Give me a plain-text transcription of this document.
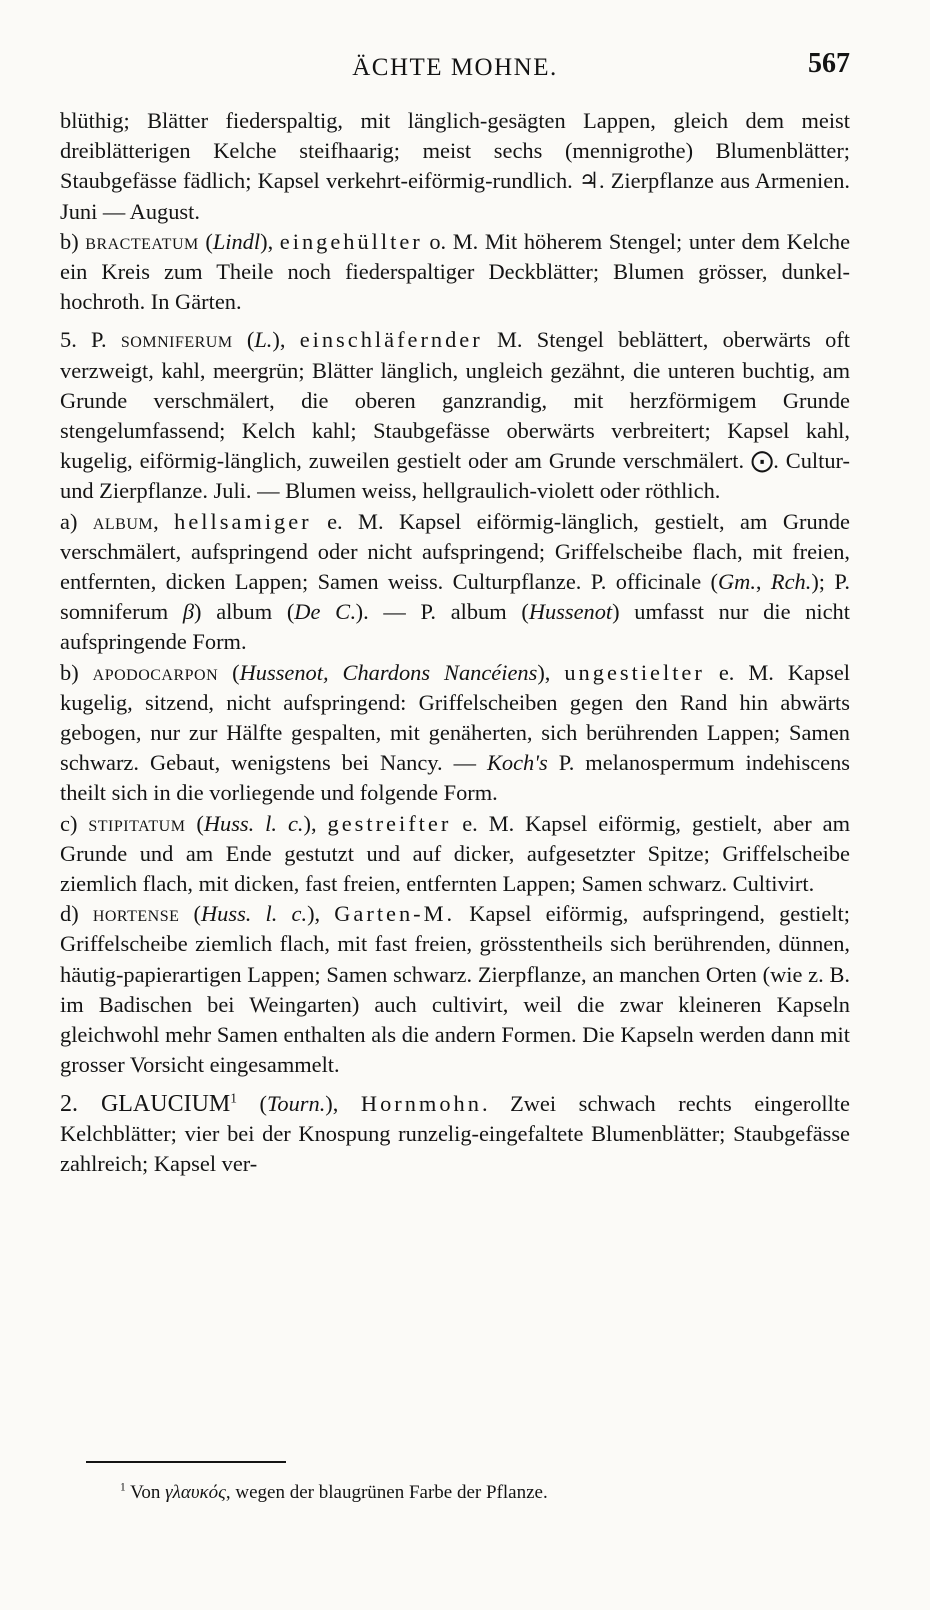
ÄCHTE MOHNE.	567

blüthig; Blätter fiederspaltig, mit länglich-gesägten Lappen, gleich dem meist dreiblätterigen Kelche steifhaarig; meist sechs (mennigrothe) Blumenblätter; Staubgefässe fädlich; Kapsel verkehrt-eiförmig-rundlich. ♃. Zierpflanze aus Armenien. Juni — August.

b) bracteatum (Lindl), eingehüllter o. M. Mit höherem Stengel; unter dem Kelche ein Kreis zum Theile noch fiederspaltiger Deckblätter; Blumen grösser, dunkel-hochroth. In Gärten.

5. P. somniferum (L.), einschläfernder M. Stengel beblättert, oberwärts oft verzweigt, kahl, meergrün; Blätter länglich, ungleich gezähnt, die unteren buchtig, am Grunde verschmälert, die oberen ganzrandig, mit herzförmigem Grunde stengelumfassend; Kelch kahl; Staubgefässe oberwärts verbreitert; Kapsel kahl, kugelig, eiförmig-länglich, zuweilen gestielt oder am Grunde verschmälert. ⨀. Cultur- und Zierpflanze. Juli. — Blumen weiss, hellgraulich-violett oder röthlich.

a) album, hellsamiger e. M. Kapsel eiförmig-länglich, gestielt, am Grunde verschmälert, aufspringend oder nicht aufspringend; Griffelscheibe flach, mit freien, entfernten, dicken Lappen; Samen weiss. Culturpflanze. P. officinale (Gm., Rch.); P. somniferum β) album (De C.). — P. album (Hussenot) umfasst nur die nicht aufspringende Form.

b) apodocarpon (Hussenot, Chardons Nancéiens), ungestielter e. M. Kapsel kugelig, sitzend, nicht aufspringend: Griffelscheiben gegen den Rand hin abwärts gebogen, nur zur Hälfte gespalten, mit genäherten, sich berührenden Lappen; Samen schwarz. Gebaut, wenigstens bei Nancy. — Koch's P. melanospermum indehiscens theilt sich in die vorliegende und folgende Form.

c) stipitatum (Huss. l. c.), gestreifter e. M. Kapsel eiförmig, gestielt, aber am Grunde und am Ende gestutzt und auf dicker, aufgesetzter Spitze; Griffelscheibe ziemlich flach, mit dicken, fast freien, entfernten Lappen; Samen schwarz. Cultivirt.

d) hortense (Huss. l. c.), Garten-M. Kapsel eiförmig, aufspringend, gestielt; Griffelscheibe ziemlich flach, mit fast freien, grösstentheils sich berührenden, dünnen, häutig-papierartigen Lappen; Samen schwarz. Zierpflanze, an manchen Orten (wie z. B. im Badischen bei Weingarten) auch cultivirt, weil die zwar kleineren Kapseln gleichwohl mehr Samen enthalten als die andern Formen. Die Kapseln werden dann mit grosser Vorsicht eingesammelt.

2. GLAUCIUM$^1$ (Tourn.), Hornmohn. Zwei schwach rechts eingerollte Kelchblätter; vier bei der Knospung runzelig-eingefaltete Blumenblätter; Staubgefässe zahlreich; Kapsel ver-

$^1$ Von γλαυκός, wegen der blaugrünen Farbe der Pflanze.
